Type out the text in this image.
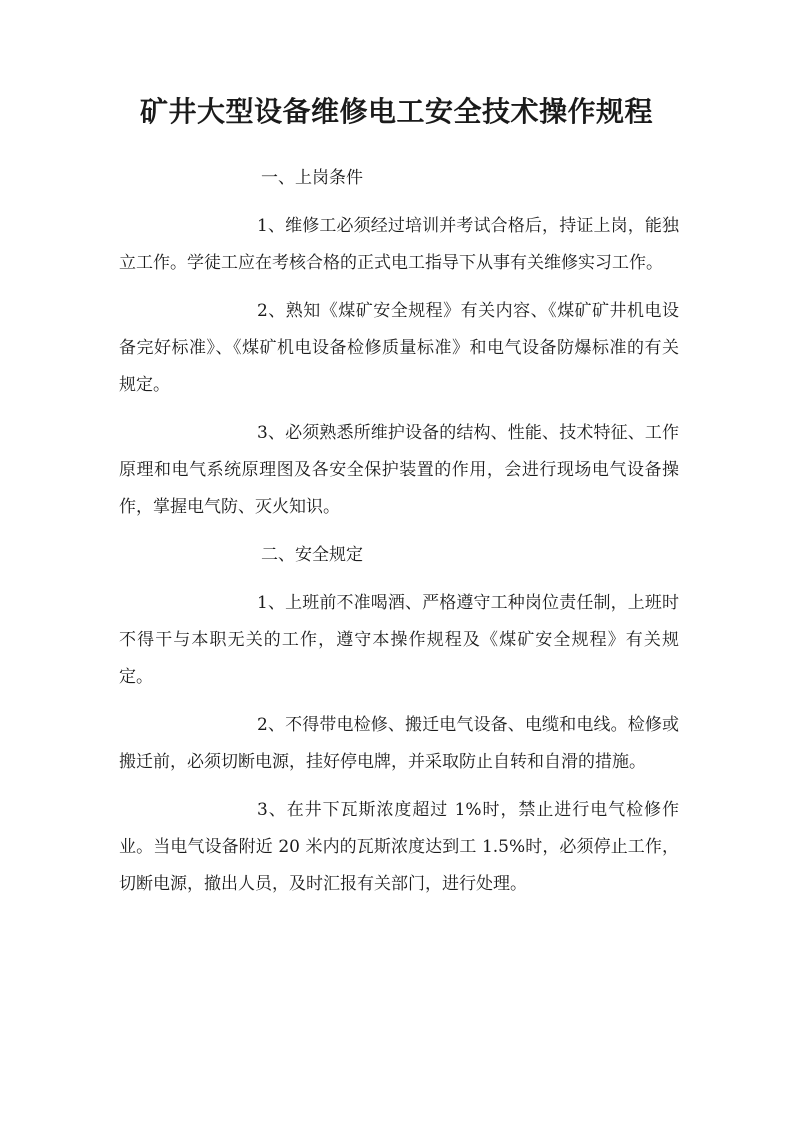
矿井大型设备维修电工安全技术操作规程
一、上岗条件

1、维修工必须经过培训并考试合格后，持证上岗，能独立工作。学徒工应在考核合格的正式电工指导下从事有关维修实习工作。

2、熟知《煤矿安全规程》有关内容、《煤矿矿井机电设备完好标准》、《煤矿机电设备检修质量标准》和电气设备防爆标准的有关规定。

3、必须熟悉所维护设备的结构、性能、技术特征、工作原理和电气系统原理图及各安全保护装置的作用，会进行现场电气设备操作，掌握电气防、灭火知识。

二、安全规定

1、上班前不准喝酒、严格遵守工种岗位责任制，上班时不得干与本职无关的工作，遵守本操作规程及《煤矿安全规程》有关规定。

2、不得带电检修、搬迁电气设备、电缆和电线。检修或搬迁前，必须切断电源，挂好停电牌，并采取防止自转和自滑的措施。

3、在井下瓦斯浓度超过 1%时，禁止进行电气检修作业。当电气设备附近 20 米内的瓦斯浓度达到工 1.5%时，必须停止工作，切断电源，撤出人员，及时汇报有关部门，进行处理。
